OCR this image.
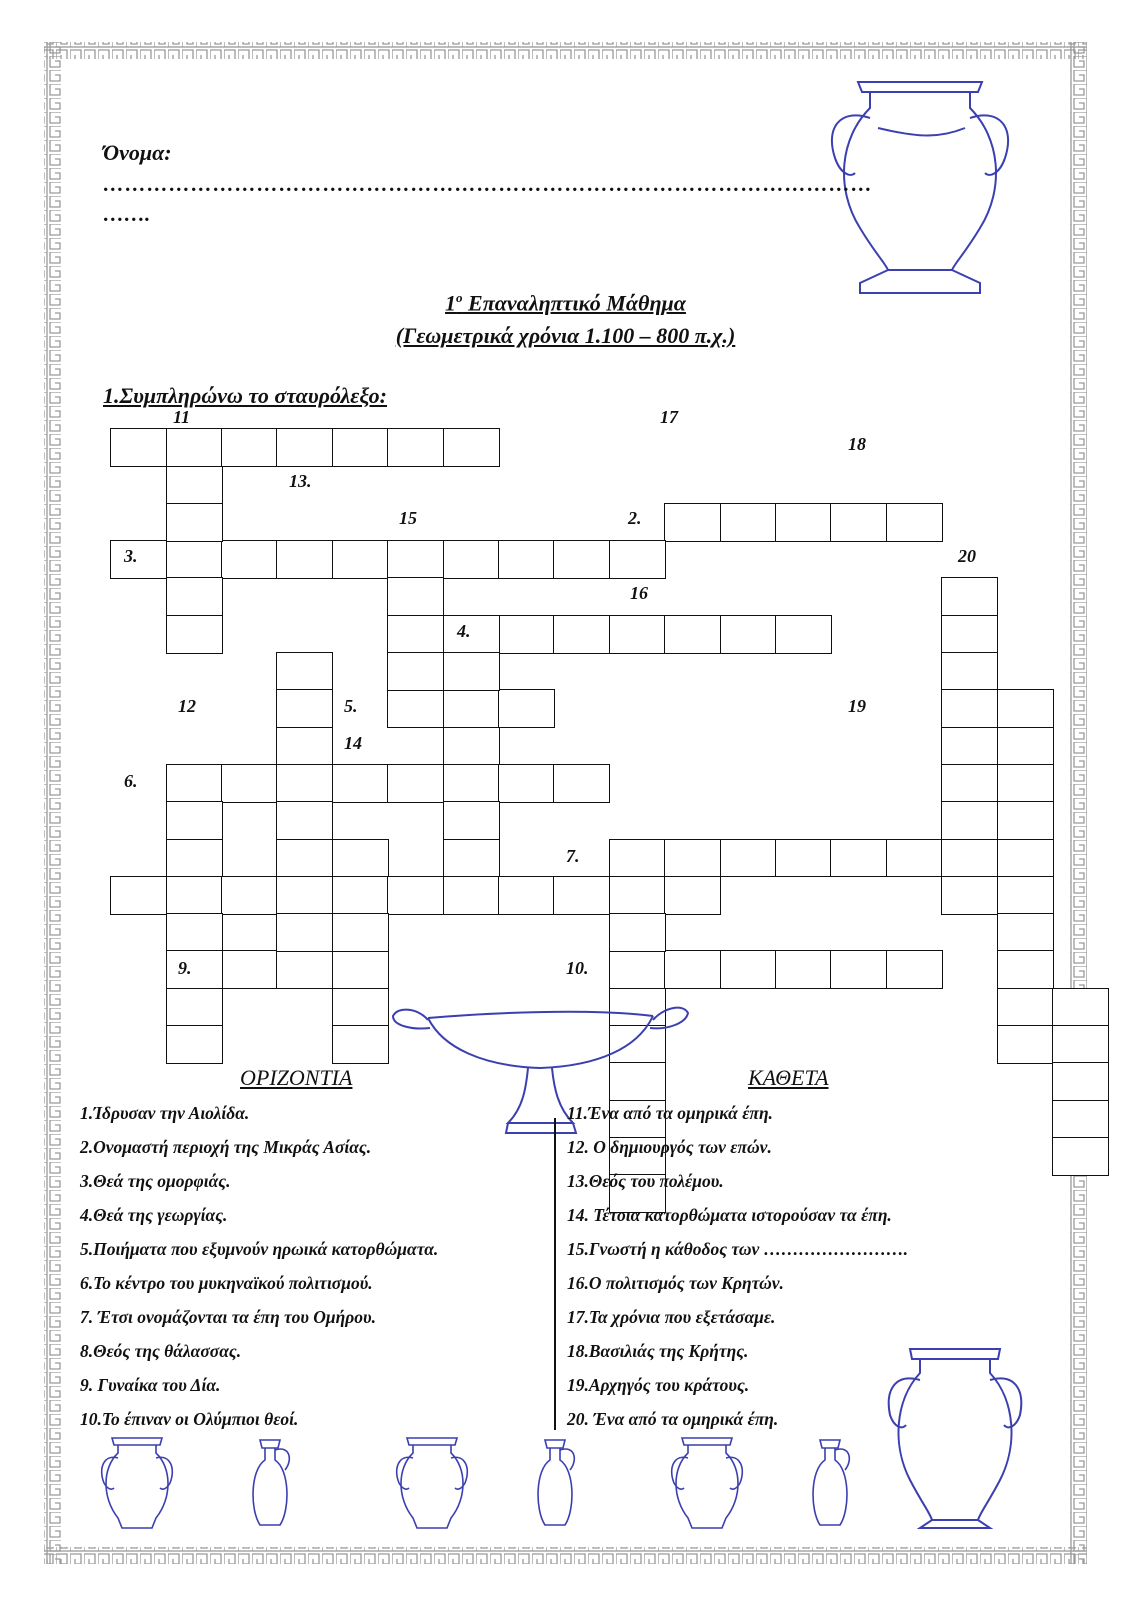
Όνομα:
……………………………………………………………………………………………
…….
$1^o$ Επαναληπτικό Μάθημα
(Γεωμετρικά χρόνια 1.100 – 800 π.χ.)
1.Συμπληρώνω το σταυρόλεξο:
11	17
18
13.
15	2.
3.	20
16
4.
12	5.	19
14
6.
7.
9.	10.
ΟΡΙΖΟΝΤΙΑ
1.Ίδρυσαν την Αιολίδα.
2.Ονομαστή περιοχή της Μικράς Ασίας.
3.Θεά της ομορφιάς.
4.Θεά της γεωργίας.
5.Ποιήματα που εξυμνούν ηρωικά κατορθώματα.
6.Το κέντρο του μυκηναϊκού πολιτισμού.
7. Έτσι ονομάζονται τα έπη του Ομήρου.
8.Θεός της θάλασσας.
9. Γυναίκα του Δία.
10.Το έπιναν οι Ολύμπιοι θεοί.
ΚΑΘΕΤΑ
11.Ένα από τα ομηρικά έπη.
12. Ο δημιουργός των επών.
13.Θεός του πολέμου.
14. Τέτοια κατορθώματα ιστορούσαν τα έπη.
15.Γνωστή η κάθοδος των …………………….
16.Ο πολιτισμός των Κρητών.
17.Τα χρόνια που εξετάσαμε.
18.Βασιλιάς της Κρήτης.
19.Αρχηγός του κράτους.
20. Ένα από τα ομηρικά έπη.
